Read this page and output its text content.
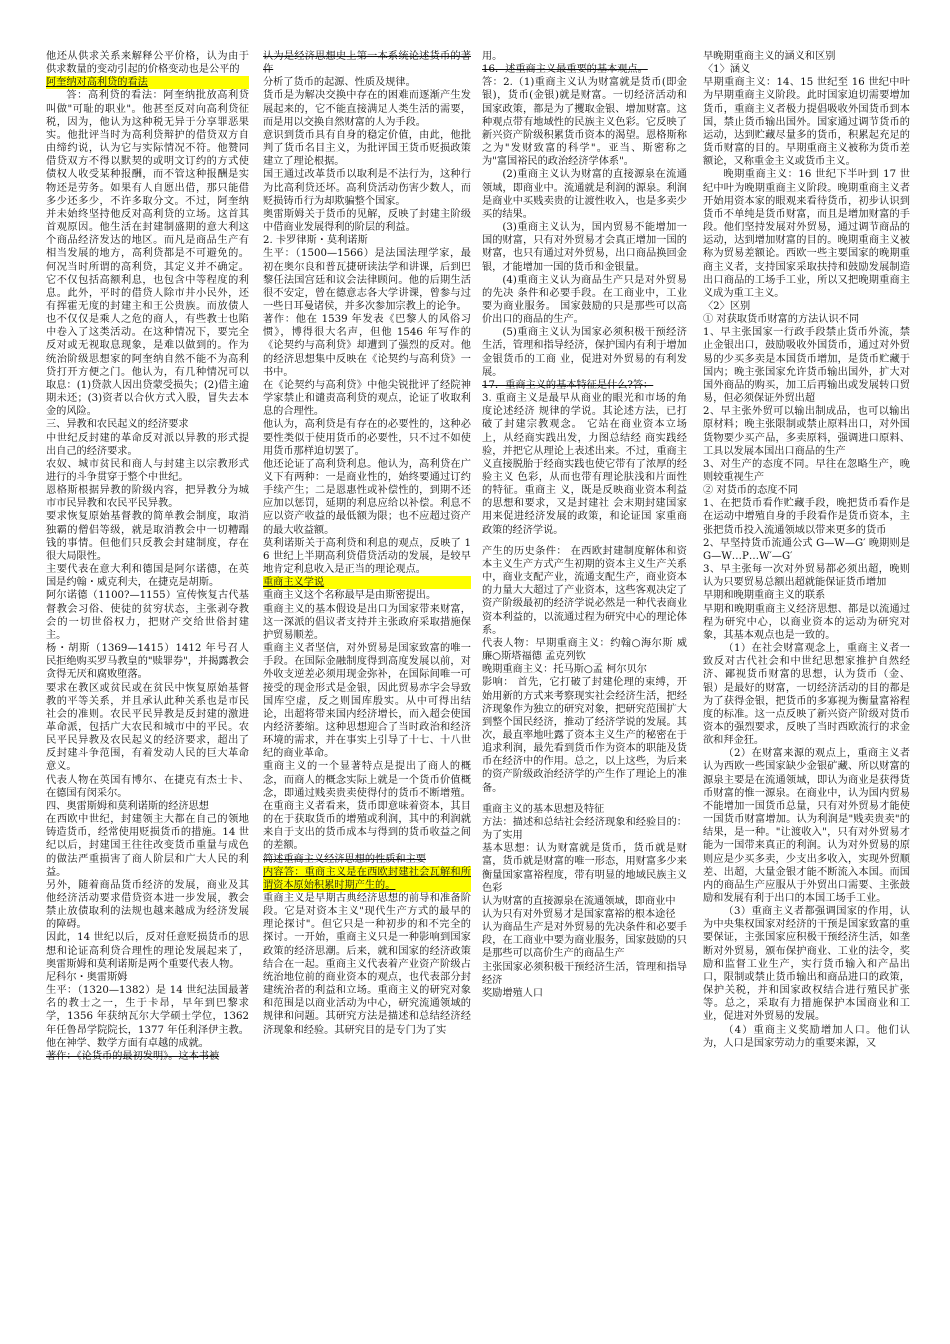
他还从供求关系来解释公平价格，认为由于供求数量的变动引起的价格变动也是公平的

阿奎纳对高利贷的看法

答：高利贷的看法：阿奎纳批放高利贷叫做"可耻的职业"。他甚至反对向高利贷征税，因为，他认为这种税无异于分享罪恶果实。他批评当时为高利贷辩护的借贷双方自由缔约说，认为它与实际情况不符。他赞同借贷双方不得以默契的或明文订约的方式使债权人收受某种报酬，而不管这种报酬是实物还是劳务。如果有人自愿出借，那只能借多少还多少，不许多取分文。不过，阿奎纳并未始终坚持他反对高利贷的立场。这首其首观原因。他生活在封建制盛期的意大利这个商品经济发达的地区。而凡是商品生产有相当发展的地方，高利贷都是不可避免的。何况当时所谓的高利贷，其定义并不确定。它不仅包括高额利息，也包含中等程度的利息。此外，平时的借贷人除市井小民外，还有挥霍无度的封建主和王公贵族。而放债人也不仅仅是乘人之危的商人，有些教士也陷中卷入了这类活动。在这种情况下，要完全反对或无视取息现象，是难以做到的。作为统治阶级思想家的阿奎纳自然不能不为高利贷打开方便之门。他认为，有几种情况可以取息：(1)贷款人因出贷蒙受损失；(2)借主逾期未还；(3)资者以合伙方式入股，冒失去本金的风险。

三、异教和农民起义的经济要求

中世纪反封建的革命反对派以异教的形式提出自己的经济要求。

农奴、城市贫民和商人与封建主以宗教形式进行的斗争贯穿于整个中世纪。

恩格斯根据异教的阶级内容，把异教分为城市市民异教和农民平民异教。

要求恢复原始基督教的简单教会制度，取消独霸的僧侣等级，就是取消教会中一切糟蹋钱的事情。但他们只反教会封建制度，存在很大局限性。

主要代表在意大利和德国是阿尔诺德，在英国是约翰・威克利夫，在捷克是胡斯。

阿尔诺德（1100?—1155）宣传恢复古代基督教会习俗、使徒的贫穷状态，主张剥夺教会的一切世俗权力，把财产交给世俗封建主。

杨・胡斯（1369—1415）1412 年号召人民拒绝购买罗马教皇的"赎罪券"，并揭露教会贪得无厌和腐败堕落。

要求在教区或贫民或在贫民中恢复原始基督教的平等关系，并且承认此种关系也是市民社会的准则。农民平民异教是反封建的激进革命派，包括广大农民和城市中的平民。农民平民异教及农民起义的经济要求，超出了反封建斗争范围，有着发动人民的巨大革命意义。

代表人物在英国有博尔、在捷克有杰士卡、在德国有闵采尔。

四、奥雷斯姆和莫利诺斯的经济思想

在西欧中世纪，封建领主大都在自己的领地铸造货币，经常使用贬损货币的措施。14 世纪以后，封建国王往往改变货币重量与成色的做法严重损害了商人阶层和广大人民的利益。

另外，随着商品货币经济的发展，商业及其他经济活动要求借贷资本进一步发展，教会禁止放债取利的法规也越来越成为经济发展的障碍。

因此，14 世纪以后，反对任意贬损货币的思想和论证高利贷合理性的理论发展起来了，奥雷斯姆和莫利诺斯是两个重要代表人物。

尼科尔・奥雷斯姆

生平：（1320—1382）是 14 世纪法国最著名的教士之一，生于卡昂，早年到巴黎求学，1356 年获纳瓦尔大学硕士学位，1362 年任鲁昂学院院长，1377 年任利泽伊主教。他在神学、数学方面有卓越的成就。

著作：《论货币的最初发明》。这本书被

认为是经济思想史上第一本系统论述货币的著作

分析了货币的起源、性质及规律。

货币是为解决交换中存在的困难而逐渐产生发展起来的，它不能直接满足人类生活的需要，而是用以交换自然财富的人为手段。

意识到货币具有自身的稳定价值，由此，他批判了货币名目主义，为批评国王货币贬损政策建立了理论根据。

国王通过改革货币以取利是不法行为，这种行为比高利贷还坏。高利贷活动伤害少数人，而贬损铸币行为却欺骗整个国家。

奥雷斯姆关于货币的见解，反映了封建主阶级中借商业发展得利的阶层的利益。

2. 卡罗律斯・莫利诺斯

生平：（1500—1566）是法国法理学家，最初在奥尔良和普瓦捷研读法学和讲课，后到巴黎任法国宫廷和议会法律顾问。他的后期生活很不安定，曾在德意志各大学讲课，曾参与过一些日耳曼诸侯，并多次参加宗教上的论争。

著作：他在 1539 年发表《巴黎人的风俗习惯》，博得很大名声，但他 1546 年写作的《论契约与高利贷》却遭到了强烈的反对。他的经济思想集中反映在《论契约与高利贷》一书中。

在《论契约与高利贷》中他尖锐批评了经院神学家禁止和谴责高利贷的观点，论证了收取利息的合理性。

他认为，高利贷是有存在的必要性的，这种必要性类似于使用货币的必要性，只不过不如使用货币那样迫切罢了。

他还论证了高利贷利息。他认为，高利贷在广义下有两种：一是商业性的，始终要通过订约手续产生；二是恩惠性或补偿性的，到期不还应加以惩罚，延期的利息应给以补偿。利息不应以资产收益的最低额为限；也不应超过资产的最大收益额。

莫利诺斯关于高利贷和利息的观点，反映了 16 世纪上半期高利贷借贷活动的发展，是较早地肯定利息收入是正当的理论观点。

重商主义学说

重商主义这个名称最早是由斯密提出。

重商主义的基本假设是出口为国家带来财富，这一深派的倡议者支持并主张政府采取措施保护贸易顺差。

重商主义者坚信，对外贸易是国家致富的唯一手段。在国际金融制度得到高度发展以前，对外收支逆差必须用现金弥补，在国际间唯一可接受的现金形式是金银，因此贸易赤字会导致国库空虚，反之则国库殷实。从中可得出结论，出超将带来国内经济增长，而入超会使国内经济萎缩。这种思想迎合了当时政治和经济环境的需求，并在事实上引导了十七、十八世纪的商业革命。

重商主义的一个显著特点是提出了商人的概念，而商人的概念实际上就是一个货币价值概念，即通过贱卖贵卖使得付的货币不断增殖。在重商主义者看来，货币即意味着资本，其目的在于获取货币的增殖或利润，其中的利润就来自于支出的货币成本与得到的货币收益之间的差额。

简述重商主义经济思想的性质和主要

内容答：重商主义是在西欧封建社会瓦解和所谓资本原始积累时期产生的。

重商主义是早期古典经济思想的前导和准备阶段。它是对资本主义"现代生产方式的最早的理论探讨"。但它只是一种初步的和不完全的探讨。一开始，重商主义只是一种影响到国家政策的经济思潮。后来，就和国家的经济政策结合在一起。重商主义代表着产业资产阶级占统治地位前的商业资本的观点，也代表部分封建统治者的利益和立场。重商主义的研究对象和范围是以商业活动为中心，研究流通领域的规律和问题。其研究方法是描述和总结经济经济现象和经验。其研究目的是专门为了实

用。

16．述重商主义最重要的基本观点。

答：2.（1)重商主义认为财富就是货币(即金银)，货币(金银)就是财富。一切经济活动和国家政策，都是为了攫取金银、增加财富。这种观点带有地域性的民族主义色彩。它反映了新兴资产阶级积累货币资本的渴望。恩格斯称之为"发财致富的科学"。亚当、斯密称之为"富国裕民的政治经济学体系"。

(2)重商主义认为财富的直接源泉在流通领域，即商业中。流通就是利润的源泉。利润是商业中买贱卖贵的让渡性收入，也是多卖少买的结果。

(3)重商主义认为，国内贸易不能增加一国的财富，只有对外贸易才会真正增加一国的财富，也只有通过对外贸易，出口商品换回金银，才能增加一国的货币和金银量。

(4)重商主义认为商品生产只是对外贸易的先决 条件和必要手段。在工商业中，工业要为商业服务。 国家鼓励的只是那些可以高价出口的商品的生产。

(5)重商主义认为国家必须积极干预经济生活，管理和指导经济，保护国内有利于增加金银货币的工商 业，促进对外贸易的有利发展。

17．重商主义的基本特征是什么?答：

3. 重商主义是最早从商业的眼光和市场的角度论述经济 规律的学说。其论述方法，已打破了封建宗教观念。 它站在商业资本立场上，从经商实践出发，力图总结经 商实践经验，并把它从理论上表述出来。不过，重商主 义直接脱胎于经商实践也使它带有了浓厚的经验主义 色彩，从而也带有理论肤浅和片面性的特征。重商主 义，既是反映商业资本利益的思想和要求，又是封建社 会末期封建国家用来促进经济发展的政策，和论证国 家重商政策的经济学说。

产生的历史条件： 在西欧封建制度解体和资本主义生产方式产生初期的资本主义生产关系中，商业支配产业，流通支配生产，商业资本的力量大大超过了产业资本，这些客观决定了资产阶级最初的经济学说必然是一种代表商业资本利益的，以流通过程为研究中心的理论体系。

代表人物：早期重商主义：约翰○海尔斯 威廉○斯塔福德 孟克列钦

晚期重商主义：托马斯○孟 柯尔贝尔

影响： 首先，它打破了封建伦理的束缚，开始用新的方式来考察现实社会经济生活，把经济现象作为独立的研究对象，把研究范围扩大到整个国民经济，推动了经济学说的发展。其次，最直率地吐露了资本主义生产的秘密在于追求利润，最先看到货币作为资本的职能及货币在经济中的作用。总之，以上这些，为后来的资产阶级政治经济学的产生作了理论上的准备。

重商主义的基本思想及特征

方法：描述和总结社会经济现象和经验目的：为了实用

基本思想：认为财富就是货币，货币就是财富，货币就是财富的唯一形态，用财富多少来衡量国家富裕程度，带有明显的地域民族主义色彩

认为财富的直接源泉在流通领域，即商业中

认为只有对外贸易才是国家富裕的根本途径

认为商品生产是对外贸易的先决条件和必要手段，在工商业中要为商业服务，国家鼓励的只是那些可以高价生产的商品生产

主张国家必须积极干预经济生活，管理和指导经济

奖励增殖人口

早晚期重商主义的涵义和区别

〈1〉涵义

早期重商主义：14、15 世纪至 16 世纪中叶为早期重商主义阶段。此时国家迫切需要增加货币，重商主义者极力提倡吸收外国货币到本国，禁止货币输出国外。国家通过调节货币的运动，达到贮藏尽量多的货币，积累起充足的货币财富的目的。早期重商主义被称为货币差额论，又称重金主义或货币主义。

晚期重商主义：16 世纪下半叶到 17 世纪中叶为晚期重商主义阶段。晚期重商主义者开始用资本家的眼观来看待货币，初步认识到货币不单纯是货币财富，而且是增加财富的手段。他们坚持发展对外贸易，通过调节商品的运动，达到增加财富的目的。晚期重商主义被称为贸易差额论。西欧一些主要国家的晚期重商主义者，支持国家采取扶持和鼓励发展制造出口商品的工场手工业，所以又把晚期重商主义成为重工主义。

〈2〉区别

① 对获取货币财富的方法认识不同

1、早主张国家一行政手段禁止货币外流，禁止金银出口，鼓励吸收外国货币，通过对外贸易的少买多卖是本国货币增加，是货币贮藏于国内；晚主张国家允许货币输出国外，扩大对国外商品的购买，加工后再输出或发展转口贸易，但必须保证外贸出超

2、早主张外贸可以输出制成品，也可以输出原材料；晚主张限制或禁止原料出口，对外国货物要少买产品，多卖原料，强调进口原料、工具以发展本国出口商品的生产

3、对生产的态度不同。早往在忽略生产，晚则较重视生产

② 对货币的态度不同

1、在把货币看作贮藏手段，晚把货币看作是在运动中增殖自身的手段看作是货币资本，主张把货币投入流通领域以带来更多的货币

2、早坚持货币流通公式 G—W—G′ 晚期则是 G—W…P…W′—G′

3、早主张每一次对外贸易都必须出超，晚则认为只要贸易总额出超就能保证货币增加

早期和晚期重商主义的联系

早期和晚期重商主义经济思想、都是以流通过程为研究中心，以商业资本的运动为研究对象，其基本观点也是一致的。

（1）在社会财富观念上，重商主义者一致反对古代社会和中世纪思想家推护自然经济、鄙视货币财富的思想，认为货币（金、银）是最好的财富，一切经济活动的目的都是为了获得金银，把货币的多寡视为衡量富裕程度的标准。这一点反映了新兴资产阶级对货币资本的强烈要求，反映了当时西欧流行的求金欲和拜金狂。

（2）在财富来源的观点上，重商主义者认为西欧一些国家缺少金银矿藏、所以财富的源泉主要是在流通领域，即认为商业是获得货币财富的惟一源泉。在商业中，认为国内贸易不能增加一国货币总量，只有对外贸易才能使一国货币财富增加。认为利润是"贱卖贵卖"的结果，是一种。"让渡收入"，只有对外贸易才能为一国带来真正的利润。认为对外贸易的原则应是少买多卖，少支出多收入，实现外贸顺差、出超，大量金银才能不断流入本国。而国内的商品生产应服从于外贸出口需要、主张鼓励和发展有利于出口的本国工场手工业。

（3）重商主义者都强调国家的作用，认为中央集权国家对经济的干预是国家致富的重要保证，主张国家应积极干预经济生活，如垄断对外贸易，颁布保护商业、工业的法令，奖励和监督工业生产，实行货币输入和产品出口，限制或禁止货币输出和商品进口的政策，保护关税，并和国家政权结合进行殖民扩张等。总之，采取有力措施保护本国商业和工业，促进对外贸易的发展。

（4）重商主义奖励增加人口。他们认为，人口是国家劳动力的重要来源，又
